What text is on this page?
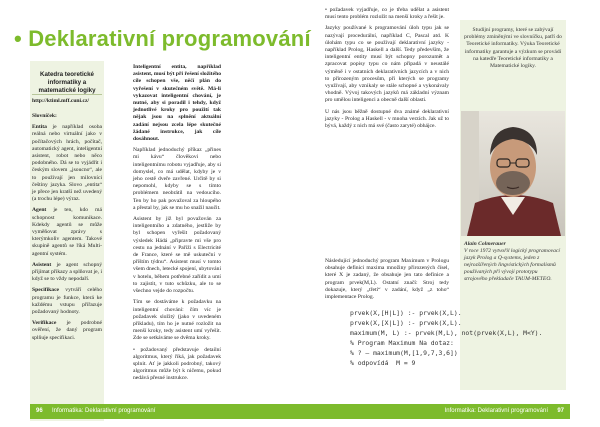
• Deklarativní programování
Katedra teoretické informatiky a matematické logiky
http://ktiml.mff.cuni.cz/

Slovníček:

Entita je například osoba reálná nebo virtuální jako v počítačových hrách, počítač, automatický agent, inteligentní asistent, robot nebo něco podobného. Dá se to vyjádřit i českým slovem „jsoucno“, ale to používají jen milovníci češtiny jazyka. Slovo „entita“ je přece jen kratší než uvedený (a trochu lépe) výraz.

Agent je ten, kdo má schopnost komunikace. Kdekdy agentů se může vyměňovat zprávy s kterýmkoliv agentem. Takové skupině agentů se říká Multi-agentní systém.

Asistent je agent schopný přijímat příkazy a splňovat je, i když se to vždy nepodaří.

Specifikace vytváří celého programu je funkce, která ke každému vstupu přiřazuje požadovaný hodnoty.

Verifikace je podrobné ověření, že daný program splňuje specifikaci.

Inteligentní entita, například asistent, musí být při řešení složitého cíle schopen vše, něčí plán do vyřešení v skutečném světě. Má-li vykazovat inteligentní chování, je nutné, aby si poradil i tehdy, když jednotlivé kroky pro použití tak nějak jsou na splnění aktuální zadání nejsou zcela lépe skutečné žádané instrukce, jak cíle dosáhnout.

Například jednoduchý příkaz „přines mi kávu“ člověkovi nebo inteligentnímu robotu vyjadřuje, aby si domyslel, co má udělat, kdyby je v jeho cestě dveře zavřené. Určitě by si nepomohl, kdyby se s tímto problémem neobrátil na vedoucího. Ten by ho pak považoval za hloupého a přestal by, jak se mu ho snažil naučit.

Asistent by již byl považován za inteligentního a zdatného, jestliže by byl schopen vyřešit požadovaný výsledek Hádá „připravte mi vše pro cestu na jednání v Paříži s Electricité de France, které se mě uskuteční v příštím týdnu“. Asistent musí v tomto všem dnech, letecké spojení, ubytování v hotelu, během potřebné zařídit a umí to zajistit, v tuto schůzku, ale to se všechno vejde do rozpočtu.

Tím se dostáváme k požadavku na inteligentní chování: čím víc je požadavek složitý (jako v uvedeném příkladu), tím ho je nutné rozložit na menší kroky, tedy asistent umí vyřešit. Zde se setkáváme se dvěma kroky.

• požadovaný představuje detailní algoritmus, který říká, jak požadavek splnit. Ať je jakkoli podrobný, takový algoritmus může být k ničemu, pokud nedává přesné instrukce.

• požadavek vyjadřuje, co je třeba udělat a asistent musí tento problém rozložit na menší kroky a řešit je.

Jazyky používané k programování úloh typu jak se nazývají procedurální, například C, Pascal atd. K úlohám typu co se používají deklarativní jazyky - například Prolog, Haskell a další. Tedy především, že inteligentní entity musí být schopny porozumět a zpracovat popisy typu co nám připadá v neustálé výměně i v ostatních deklarativních jazycích a v nich to přirozeným procesům, při kterých se programy využívají, aby vznikaly se stále schopné a vykonávaly vhodně. Vývoj takových jazyků má základní význam pro umělou inteligenci a obecně další oblasti.

U nás jsou běžně dostupné dva známé deklarativní jazyky - Prolog a Haskell - v mnoha verzích. Jak už to bývá, každý z nich má své (často zaryté) obhájce.

Následující jednoduchý program Maximum v Prologu obsahuje definici maxima množiny přirozených čísel, které X je zadaný, že obsahuje jen tato definice a program prvek(M,L). Ostatní značí: Stroj tedy dokazuje, který „třetí“ v zadání, když „z toho“ implementace Prolog.

Studijní programy, které se zabývají problémy zmíněnými ve slovníčku, patří do Teoretické informatiky. Výuka Teoretické informatiky garantuje a výzkum se provádí na katedře Teoretické informatiky a Matematické logiky.
Alain Colmerauer
V roce 1972 vytvořil logický programovací jazyk Prolog a Q-systems, jeden z nejrozšířených lingvistických formalismů používaných při vývoji prototypu strojového překladače TAUM-METEO.
prvek(X,[H|L]) :- prvek(X,L).
prvek(X,[X|L]) :- prvek(X,L).
maximum(M, L) :- prvek(M,L), not(prvek(X,L), M<Y).
% Program Maximum Na dotaz:
% ? – maximum(M,[1,9,7,3,6])
% odpovídá  M = 9
96 Informatika: Deklarativní programování	Informatika: Deklarativní programování 97
